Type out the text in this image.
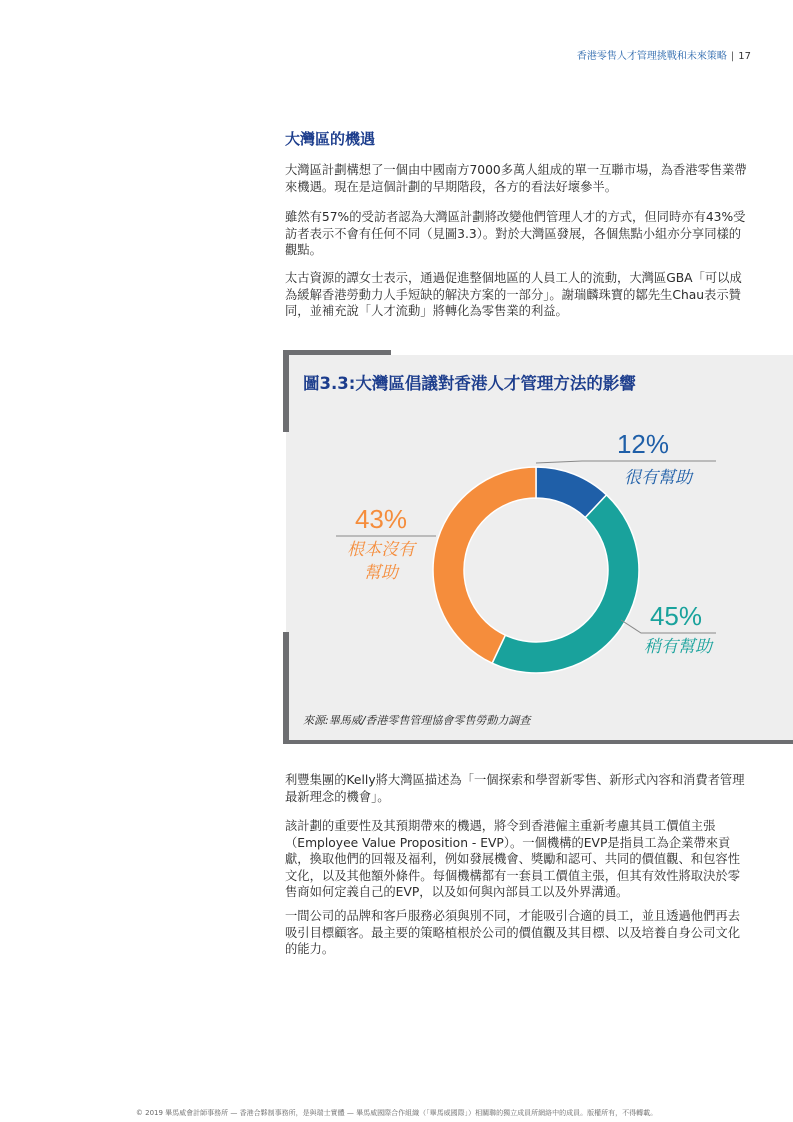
香港零售人才管理挑戰和未來策略 | 17
大灣區的機遇

大灣區計劃構想了一個由中國南方7000多萬人組成的單一互聯市場，為香港零售業帶來機遇。現在是這個計劃的早期階段，各方的看法好壞參半。

雖然有57%的受訪者認為大灣區計劃將改變他們管理人才的方式，但同時亦有43%受訪者表示不會有任何不同（見圖3.3）。對於大灣區發展，各個焦點小組亦分享同樣的觀點。

太古資源的譚女士表示，通過促進整個地區的人員工人的流動，大灣區GBA「可以成為緩解香港勞動力人手短缺的解決方案的一部分」。謝瑞麟珠寶的鄒先生Chau表示贊同，並補充說「人才流動」將轉化為零售業的利益。

圖3.3:大灣區倡議對香港人才管理方法的影響
12%
很有幫助
45%
稍有幫助
43%
根本沒有
幫助
來源:畢馬威/香港零售管理協會零售勞動力調查

利豐集團的Kelly將大灣區描述為「一個探索和學習新零售、新形式內容和消費者管理最新理念的機會」。

該計劃的重要性及其預期帶來的機遇，將令到香港僱主重新考慮其員工價值主張（Employee Value Proposition - EVP）。一個機構的EVP是指員工為企業帶來貢獻，換取他們的回報及福利，例如發展機會、獎勵和認可、共同的價值觀、和包容性文化，以及其他額外條件。每個機構都有一套員工價值主張，但其有效性將取決於零售商如何定義自己的EVP，以及如何與內部員工以及外界溝通。

一間公司的品牌和客戶服務必須與別不同，才能吸引合適的員工，並且透過他們再去吸引目標顧客。最主要的策略植根於公司的價值觀及其目標、以及培養自身公司文化的能力。

© 2019 畢馬威會計師事務所 — 香港合夥制事務所，是與瑞士實體 — 畢馬威國際合作組織（「畢馬威國際」）相關聯的獨立成員所網絡中的成員。版權所有，不得轉載。
